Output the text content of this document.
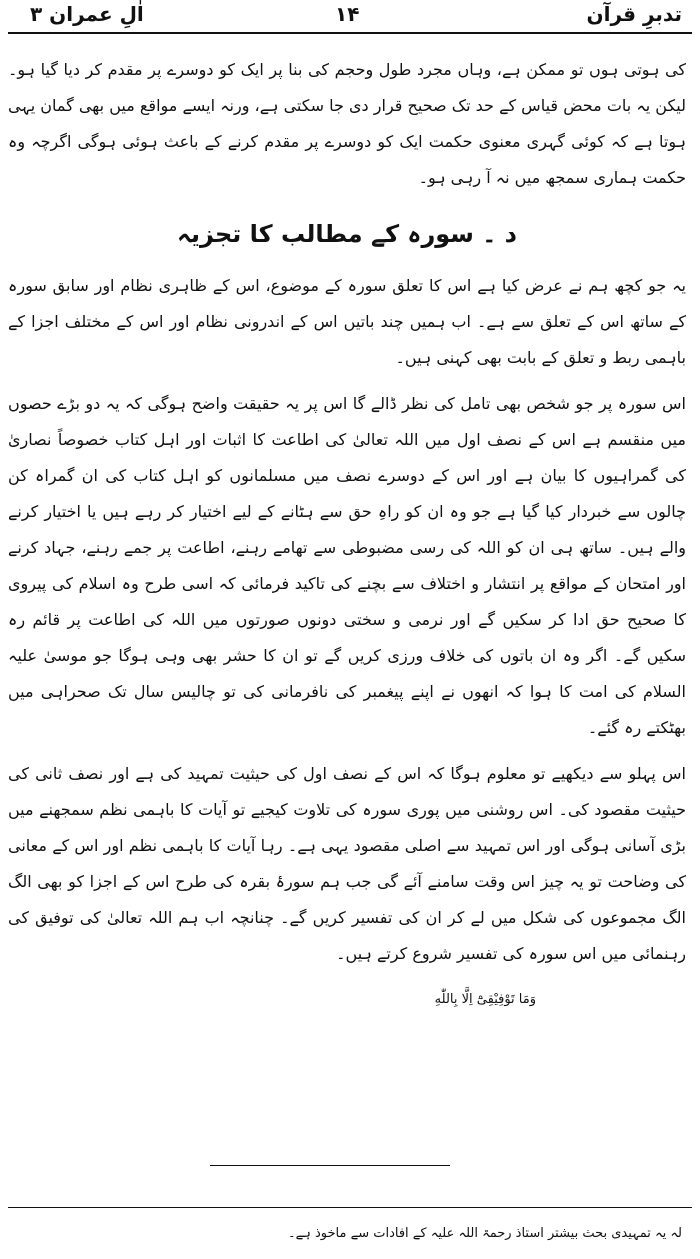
تدبرِ قرآن
۱۴
اٰلِ عمران ۳

کی ہوتی ہوں تو ممکن ہے، وہاں مجرد طول وحجم کی بنا پر ایک کو دوسرے پر مقدم کر دیا گیا ہو۔ لیکن یہ بات محض قیاس کے حد تک صحیح قرار دی جا سکتی ہے، ورنہ ایسے مواقع میں بھی گمان یہی ہوتا ہے کہ کوئی گہری معنوی حکمت ایک کو دوسرے پر مقدم کرنے کے باعث ہوئی ہوگی اگرچہ وہ حکمت ہماری سمجھ میں نہ آ رہی ہو۔

د ۔ سورہ کے مطالب کا تجزیہ

یہ جو کچھ ہم نے عرض کیا ہے اس کا تعلق سورہ کے موضوع، اس کے ظاہری نظام اور سابق سورہ کے ساتھ اس کے تعلق سے ہے۔ اب ہمیں چند باتیں اس کے اندرونی نظام اور اس کے مختلف اجزا کے باہمی ربط و تعلق کے بابت بھی کہنی ہیں۔

اس سورہ پر جو شخص بھی تامل کی نظر ڈالے گا اس پر یہ حقیقت واضح ہوگی کہ یہ دو بڑے حصوں میں منقسم ہے اس کے نصف اول میں اللہ تعالیٰ کی اطاعت کا اثبات اور اہل کتاب خصوصاً نصاریٰ کی گمراہیوں کا بیان ہے اور اس کے دوسرے نصف میں مسلمانوں کو اہل کتاب کی ان گمراہ کن چالوں سے خبردار کیا گیا ہے جو وہ ان کو راہِ حق سے ہٹانے کے لیے اختیار کر رہے ہیں یا اختیار کرنے والے ہیں۔ ساتھ ہی ان کو اللہ کی رسی مضبوطی سے تھامے رہنے، اطاعت پر جمے رہنے، جہاد کرنے اور امتحان کے مواقع پر انتشار و اختلاف سے بچنے کی تاکید فرمائی کہ اسی طرح وہ اسلام کی پیروی کا صحیح حق ادا کر سکیں گے اور نرمی و سختی دونوں صورتوں میں اللہ کی اطاعت پر قائم رہ سکیں گے۔ اگر وہ ان باتوں کی خلاف ورزی کریں گے تو ان کا حشر بھی وہی ہوگا جو موسیٰ علیہ السلام کی امت کا ہوا کہ انھوں نے اپنے پیغمبر کی نافرمانی کی تو چالیس سال تک صحراہی میں بھٹکتے رہ گئے۔

اس پہلو سے دیکھیے تو معلوم ہوگا کہ اس کے نصف اول کی حیثیت تمہید کی ہے اور نصف ثانی کی حیثیت مقصود کی۔ اس روشنی میں پوری سورہ کی تلاوت کیجیے تو آیات کا باہمی نظم سمجھنے میں بڑی آسانی ہوگی اور اس تمہید سے اصلی مقصود یہی ہے۔ رہا آیات کا باہمی نظم اور اس کے معانی کی وضاحت تو یہ چیز اس وقت سامنے آئے گی جب ہم سورۂ بقرہ کی طرح اس کے اجزا کو بھی الگ الگ مجموعوں کی شکل میں لے کر ان کی تفسیر کریں گے۔ چنانچہ اب ہم اللہ تعالیٰ کی توفیق کی رہنمائی میں اس سورہ کی تفسیر شروع کرتے ہیں۔

وَمَا تَوْفِيْقِیْٓ اِلَّا بِاللّٰهِ

لہ یہ تمہیدی بحث بیشتر استاذ رحمۃ اللہ علیہ کے افادات سے ماخوذ ہے۔
